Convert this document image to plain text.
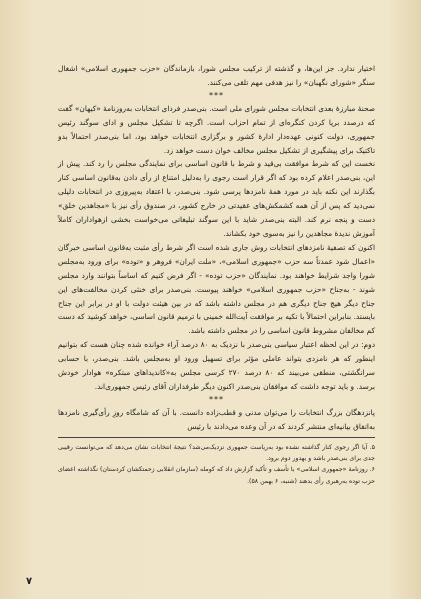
اختیار ندارد. جز این‌ها، و گذشته از ترکیب مجلس شورا، بازماندگان «حزب جمهوری اسلامی» اشغال سنگر «شورای نگهبان» را نیز هدفی مهم تلقی می‌کنند.

***

صحنهٔ مبارزهٔ بعدی انتخابات مجلس شورای ملی است. بنی‌صدر فردای انتخابات به‌روزنامهٔ «کیهان» گفت که درصدد برپا کردن کنگره‌ای از تمام احزاب است. اگرچه تا تشکیل مجلس و ادای سوگند رئیس جمهوری، دولت کنونی عهده‌دار ادارهٔ کشور و برگزاری انتخابات خواهد بود، اما بنی‌صدر احتمالاً بدو تاکتیک برای پیشگیری از تشکیل مجلس مخالف خوان دست خواهد زد.

نخست این که شرط موافقت بی‌قید و شرط با قانون اساسی برای نمایندگی مجلس را رد کند. پیش از این، بنی‌صدر اعلام کرده بود که اگر قرار است رجوی را به‌دلیل امتناع از رأی دادن به‌قانون اساسی کنار بگذارند این نکته باید در مورد همهٔ نامزدها پرسی شود. بنی‌صدر، با اعتقاد به‌پیروزی در انتخابات دلیلی نمی‌دید که پس از آن همه کشمکش‌های عقیدتی در خارج کشور، در صندوق رأی نیز با «مجاهدین خلق» دست و پنجه نرم کند. البته بنی‌صدر شاید با این سوگند تبلیغاتی می‌خواست بخشی ازهواداران کاملاً آموزش ندیدهٔ مجاهدین را نیز به‌سوی خود بکشاند.

اکنون که تصفیهٔ نامزدهای انتخابات روش جاری شده است اگر شرط رأی مثبت به‌قانون اساسی خبرگان «اعمال شود عمدتاً سه حزب «جمهوری اسلامی»، «ملت ایران» فروهر و «توده» برای ورود به‌مجلس شورا واجد شرایط خواهند بود. نمایندگان «حزب توده» - اگر فرض کنیم که اساساً بتوانند وارد مجلس شوند - به‌جناح «حزب جمهوری اسلامی» خواهند پیوست. بنی‌صدر برای خنثی کردن مخالفت‌های این جناح دیگر هیچ جناح دیگری هم در مجلس داشته باشد که در بین هیئت دولت با او در برابر این جناح بایستد. بنابراین احتمالاً با تکیه بر موافقت آیت‌الله خمینی با ترمیم قانون اساسی، خواهد کوشید که دست کم مخالفان مشروط قانون اساسی را در مجلس داشته باشد.

دوم: در این لحظه اعتبار سیاسی بنی‌صدر با نزدیک به ۸۰ درصد آراء خوانده شده چنان هست که بتوانیم اینطور که هر نامزدی بتواند عاملی مؤثر برای تسهیل ورود او به‌مجلس باشد. بنی‌صدر، با حسابی سرانگشتی، منطقی می‌بیند که ۸۰ درصد ۲۷۰ کرسی مجلس به‌«کاندیداهای مبتکره» هوادار خودش برسد. و باید توجه داشت که موافقان بنی‌صدر اکنون دیگر طرفداران آقای رئیس جمهوری‌اند.

***

پانزدهگان بزرگ انتخابات را می‌توان مدنی و قطب‌زاده دانست. با آن که شامگاه روزِ رأی‌گیری نامزدها به‌اتفاق بیانیه‌ای منتشر کردند که در آن وعده می‌دادند با رئیس

۵. آیا اگر رجوی کنار گذاشته نشده بود به‌ریاست جمهوری نزدیک‌می‌شد؟ نتیجهٔ انتخابات نشان می‌دهد که می‌توانست رقیبی جدی برای بنی‌صدر باشد و بهدور دوم برود.

۶. روزنامهٔ «جمهوری اسلامی» با تأسف و تأکید گزارش داد که کومله (سازمان انقلابی زحمتکشان کردستان) نگذاشته اعضای حزب توده به‌رهبری رأی بدهند (شنبه، ۶ بهمن ۵۸).

۷
